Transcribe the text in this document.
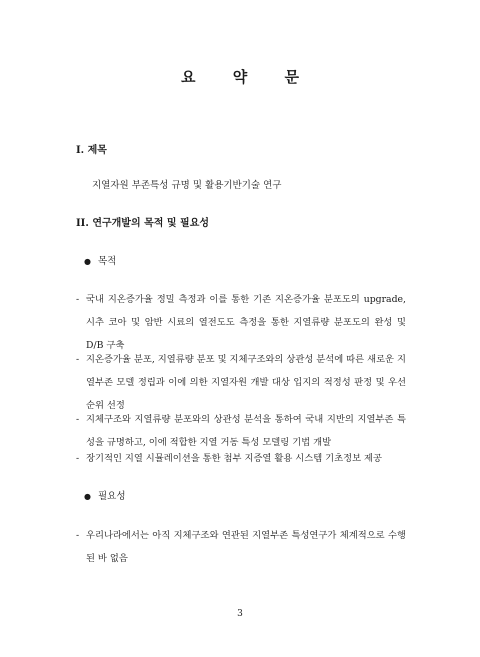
요 약 문
I. 제목
지열자원 부존특성 규명 및 활용기반기술 연구
II. 연구개발의 목적 및 필요성
● 목적
- 국내 지온증가율 정밀 측정과 이를 통한 기존 지온증가율 분포도의 upgrade, 시추 코아 및 암반 시료의 열전도도 측정을 통한 지열류량 분포도의 완성 및 D/B 구축
- 지온증가율 분포, 지열류량 분포 및 지체구조와의 상관성 분석에 따른 새로운 지열부존 모델 정립과 이에 의한 지열자원 개발 대상 입지의 적정성 판정 및 우선순위 선정
- 지체구조와 지열류량 분포와의 상관성 분석을 통하여 국내 지반의 지열부존 특성을 규명하고, 이에 적합한 지열 거동 특성 모델링 기법 개발
- 장기적인 지열 시뮬레이션을 통한 첨부 지증열 활용 시스템 기초정보 제공
● 필요성
- 우리나라에서는 아직 지체구조와 연관된 지열부존 특성연구가 체계적으로 수행된 바 없음
3
